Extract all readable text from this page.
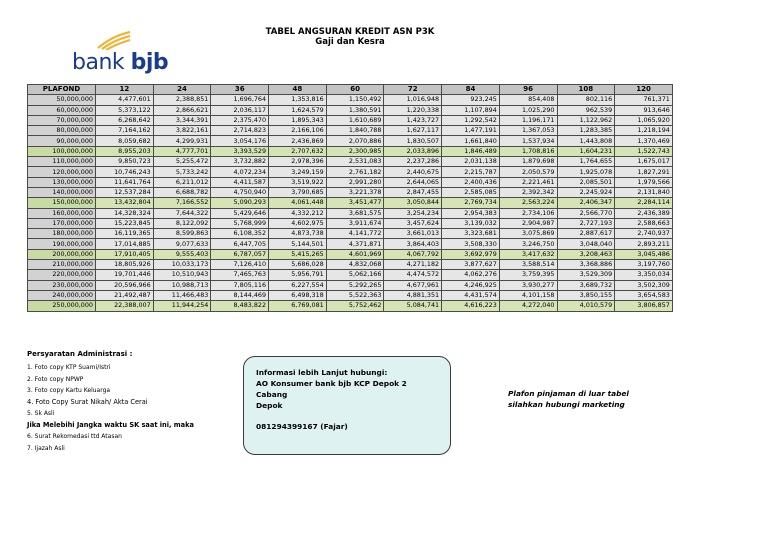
TABEL ANGSURAN KREDIT ASN P3K
Gaji dan Kesra
bank bjb
PLAFOND	12	24	36	48	60	72	84	96	108	120
50,000,000	4,477,601	2,388,851	1,696,764	1,353,816	1,150,492	1,016,948	923,245	854,408	802,116	761,371
60,000,000	5,373,122	2,866,621	2,036,117	1,624,579	1,380,591	1,220,338	1,107,894	1,025,290	962,539	913,646
70,000,000	6,268,642	3,344,391	2,375,470	1,895,343	1,610,689	1,423,727	1,292,542	1,196,171	1,122,962	1,065,920
80,000,000	7,164,162	3,822,161	2,714,823	2,166,106	1,840,788	1,627,117	1,477,191	1,367,053	1,283,385	1,218,194
90,000,000	8,059,682	4,299,931	3,054,176	2,436,869	2,070,886	1,830,507	1,661,840	1,537,934	1,443,808	1,370,469
100,000,000	8,955,203	4,777,701	3,393,529	2,707,632	2,300,985	2,033,896	1,846,489	1,708,816	1,604,231	1,522,743
110,000,000	9,850,723	5,255,472	3,732,882	2,978,396	2,531,083	2,237,286	2,031,138	1,879,698	1,764,655	1,675,017
120,000,000	10,746,243	5,733,242	4,072,234	3,249,159	2,761,182	2,440,675	2,215,787	2,050,579	1,925,078	1,827,291
130,000,000	11,641,764	6,211,012	4,411,587	3,519,922	2,991,280	2,644,065	2,400,436	2,221,461	2,085,501	1,979,566
140,000,000	12,537,284	6,688,782	4,750,940	3,790,685	3,221,378	2,847,455	2,585,085	2,392,342	2,245,924	2,131,840
150,000,000	13,432,804	7,166,552	5,090,293	4,061,448	3,451,477	3,050,844	2,769,734	2,563,224	2,406,347	2,284,114
160,000,000	14,328,324	7,644,322	5,429,646	4,332,212	3,681,575	3,254,234	2,954,383	2,734,106	2,566,770	2,436,389
170,000,000	15,223,845	8,122,092	5,768,999	4,602,975	3,911,674	3,457,624	3,139,032	2,904,987	2,727,193	2,588,663
180,000,000	16,119,365	8,599,863	6,108,352	4,873,738	4,141,772	3,661,013	3,323,681	3,075,869	2,887,617	2,740,937
190,000,000	17,014,885	9,077,633	6,447,705	5,144,501	4,371,871	3,864,403	3,508,330	3,246,750	3,048,040	2,893,211
200,000,000	17,910,405	9,555,403	6,787,057	5,415,265	4,601,969	4,067,792	3,692,979	3,417,632	3,208,463	3,045,486
210,000,000	18,805,926	10,033,173	7,126,410	5,686,028	4,832,068	4,271,182	3,877,627	3,588,514	3,368,886	3,197,760
220,000,000	19,701,446	10,510,943	7,465,763	5,956,791	5,062,166	4,474,572	4,062,276	3,759,395	3,529,309	3,350,034
230,000,000	20,596,966	10,988,713	7,805,116	6,227,554	5,292,265	4,677,961	4,246,925	3,930,277	3,689,732	3,502,309
240,000,000	21,492,487	11,466,483	8,144,469	6,498,318	5,522,363	4,881,351	4,431,574	4,101,158	3,850,155	3,654,583
250,000,000	22,388,007	11,944,254	8,483,822	6,769,081	5,752,462	5,084,741	4,616,223	4,272,040	4,010,579	3,806,857
Persyaratan Administrasi :
1. Foto copy KTP Suami/Istri
2. Foto copy NPWP
3. Foto copy Kartu Keluarga
4. Foto Copy Surat Nikah/ Akta Cerai
5. Sk Asli
Jika Melebihi Jangka waktu SK saat ini, maka
6. Surat Rekomedasi ttd Atasan
7. Ijazah Asli
Informasi lebih Lanjut hubungi:
AO Konsumer bank bjb KCP Depok 2 Cabang
Depok
081294399167 (Fajar)
Plafon pinjaman di luar tabel
silahkan hubungi marketing
